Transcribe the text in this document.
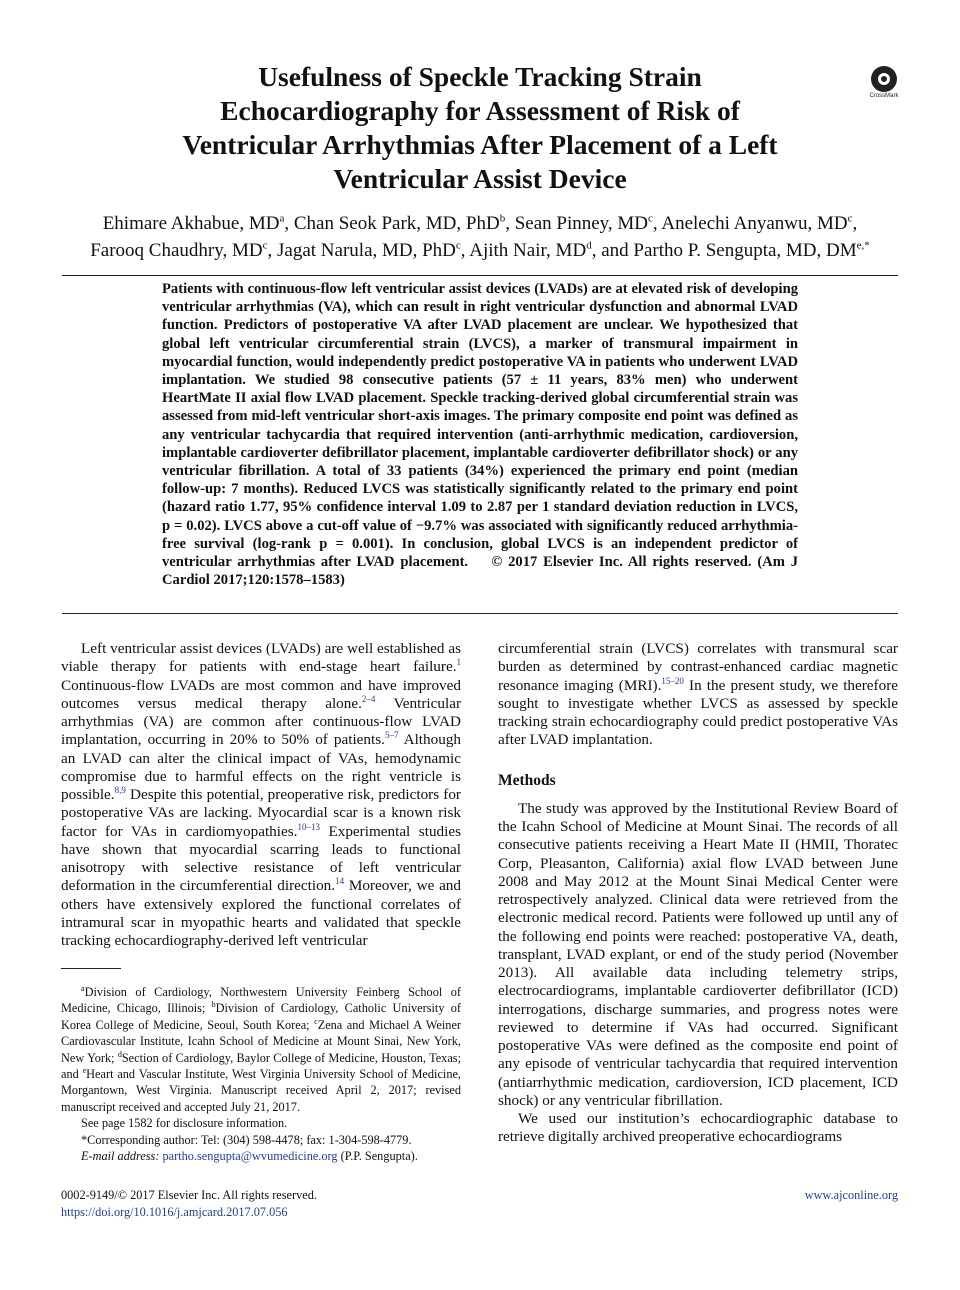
Usefulness of Speckle Tracking Strain
Echocardiography for Assessment of Risk of
Ventricular Arrhythmias After Placement of a Left
Ventricular Assist Device
CrossMark
Ehimare Akhabue, $MD^a$, Chan Seok Park, MD, PhD$^b$, Sean Pinney, $MD^c$, Anelechi Anyanwu, $MD^c$,
Farooq Chaudhry, $MD^c$, Jagat Narula, MD, PhD$^c$, Ajith Nair, $MD^d$, and Partho P. Sengupta, MD, $DM^{e,*}$

Patients with continuous-flow left ventricular assist devices (LVADs) are at elevated risk of developing ventricular arrhythmias (VA), which can result in right ventricular dysfunction and abnormal LVAD function. Predictors of postoperative VA after LVAD placement are unclear. We hypothesized that global left ventricular circumferential strain (LVCS), a marker of transmural impairment in myocardial function, would independently predict postoperative VA in patients who underwent LVAD implantation. We studied 98 consecutive patients (57 ± 11 years, 83% men) who underwent HeartMate II axial flow LVAD placement. Speckle tracking-derived global circumferential strain was assessed from mid-left ventricular short-axis images. The primary composite end point was defined as any ventricular tachycardia that required intervention (anti-arrhythmic medication, cardioversion, implantable cardioverter defibrillator placement, implantable cardioverter defibrillator shock) or any ventricular fibrillation. A total of 33 patients (34%) experienced the primary end point (median follow-up: 7 months). Reduced LVCS was statistically significantly related to the primary end point (hazard ratio 1.77, 95% confidence interval 1.09 to 2.87 per 1 standard deviation reduction in LVCS, p = 0.02). LVCS above a cut-off value of −9.7% was associated with significantly reduced arrhythmia-free survival (log-rank p = 0.001). In conclusion, global LVCS is an independent predictor of ventricular arrhythmias after LVAD placement. © 2017 Elsevier Inc. All rights reserved. (Am J Cardiol 2017;120:1578–1583)

Left ventricular assist devices (LVADs) are well established as viable therapy for patients with end-stage heart failure.$^1$ Continuous-flow LVADs are most common and have improved outcomes versus medical therapy alone.$^{2-4}$ Ventricular arrhythmias (VA) are common after continuous-flow LVAD implantation, occurring in 20% to 50% of patients.$^{5-7}$ Although an LVAD can alter the clinical impact of VAs, hemodynamic compromise due to harmful effects on the right ventricle is possible.$^{8,9}$ Despite this potential, preoperative risk, predictors for postoperative VAs are lacking. Myocardial scar is a known risk factor for VAs in cardiomyopathies.$^{10-13}$ Experimental studies have shown that myocardial scarring leads to functional anisotropy with selective resistance of left ventricular deformation in the circumferential direction.$^{14}$ Moreover, we and others have extensively explored the functional correlates of intramural scar in myopathic hearts and validated that speckle tracking echocardiography-derived left ventricular

circumferential strain (LVCS) correlates with transmural scar burden as determined by contrast-enhanced cardiac magnetic resonance imaging (MRI).$^{15-20}$ In the present study, we therefore sought to investigate whether LVCS as assessed by speckle tracking strain echocardiography could predict postoperative VAs after LVAD implantation.

Methods

The study was approved by the Institutional Review Board of the Icahn School of Medicine at Mount Sinai. The records of all consecutive patients receiving a Heart Mate II (HMII, Thoratec Corp, Pleasanton, California) axial flow LVAD between June 2008 and May 2012 at the Mount Sinai Medical Center were retrospectively analyzed. Clinical data were retrieved from the electronic medical record. Patients were followed up until any of the following end points were reached: postoperative VA, death, transplant, LVAD explant, or end of the study period (November 2013). All available data including telemetry strips, electrocardiograms, implantable cardioverter defibrillator (ICD) interrogations, discharge summaries, and progress notes were reviewed to determine if VAs had occurred. Significant postoperative VAs were defined as the composite end point of any episode of ventricular tachycardia that required intervention (antiarrhythmic medication, cardioversion, ICD placement, ICD shock) or any ventricular fibrillation.

We used our institution’s echocardiographic database to retrieve digitally archived preoperative echocardiograms

$^a$Division of Cardiology, Northwestern University Feinberg School of Medicine, Chicago, Illinois; $^b$Division of Cardiology, Catholic University of Korea College of Medicine, Seoul, South Korea; $^c$Zena and Michael A Weiner Cardiovascular Institute, Icahn School of Medicine at Mount Sinai, New York, New York; $^d$Section of Cardiology, Baylor College of Medicine, Houston, Texas; and $^e$Heart and Vascular Institute, West Virginia University School of Medicine, Morgantown, West Virginia. Manuscript received April 2, 2017; revised manuscript received and accepted July 21, 2017.

See page 1582 for disclosure information.

*Corresponding author: Tel: (304) 598-4478; fax: 1-304-598-4779.

E-mail address: partho.sengupta@wvumedicine.org (P.P. Sengupta).

0002-9149/© 2017 Elsevier Inc. All rights reserved.
https://doi.org/10.1016/j.amjcard.2017.07.056
www.ajconline.org
